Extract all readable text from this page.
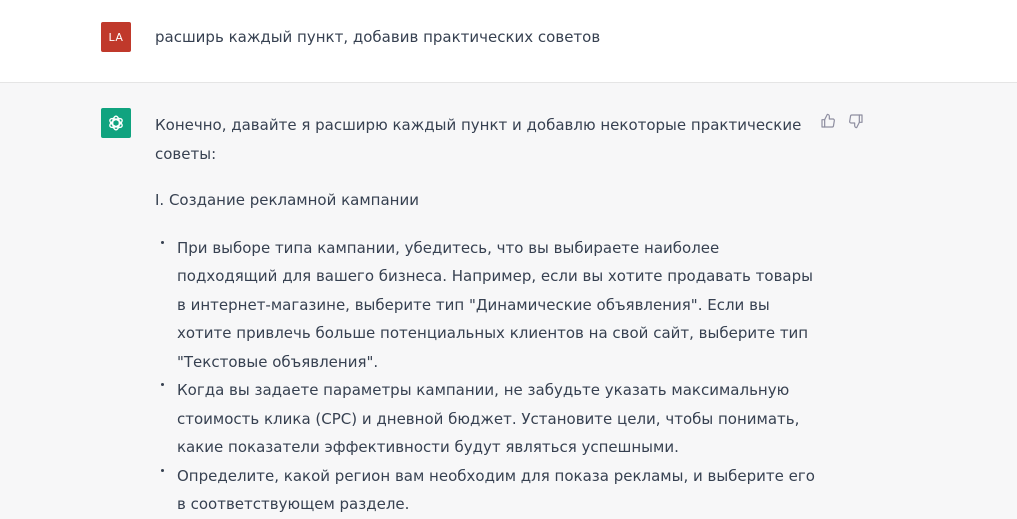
LA	расширь каждый пункт, добавив практических советов

Конечно, давайте я расширю каждый пункт и добавлю некоторые практические советы:

I. Создание рекламной кампании

При выборе типа кампании, убедитесь, что вы выбираете наиболее подходящий для вашего бизнеса. Например, если вы хотите продавать товары в интернет-магазине, выберите тип "Динамические объявления". Если вы хотите привлечь больше потенциальных клиентов на свой сайт, выберите тип "Текстовые объявления".
Когда вы задаете параметры кампании, не забудьте указать максимальную стоимость клика (CPC) и дневной бюджет. Установите цели, чтобы понимать, какие показатели эффективности будут являться успешными.
Определите, какой регион вам необходим для показа рекламы, и выберите его в соответствующем разделе.
